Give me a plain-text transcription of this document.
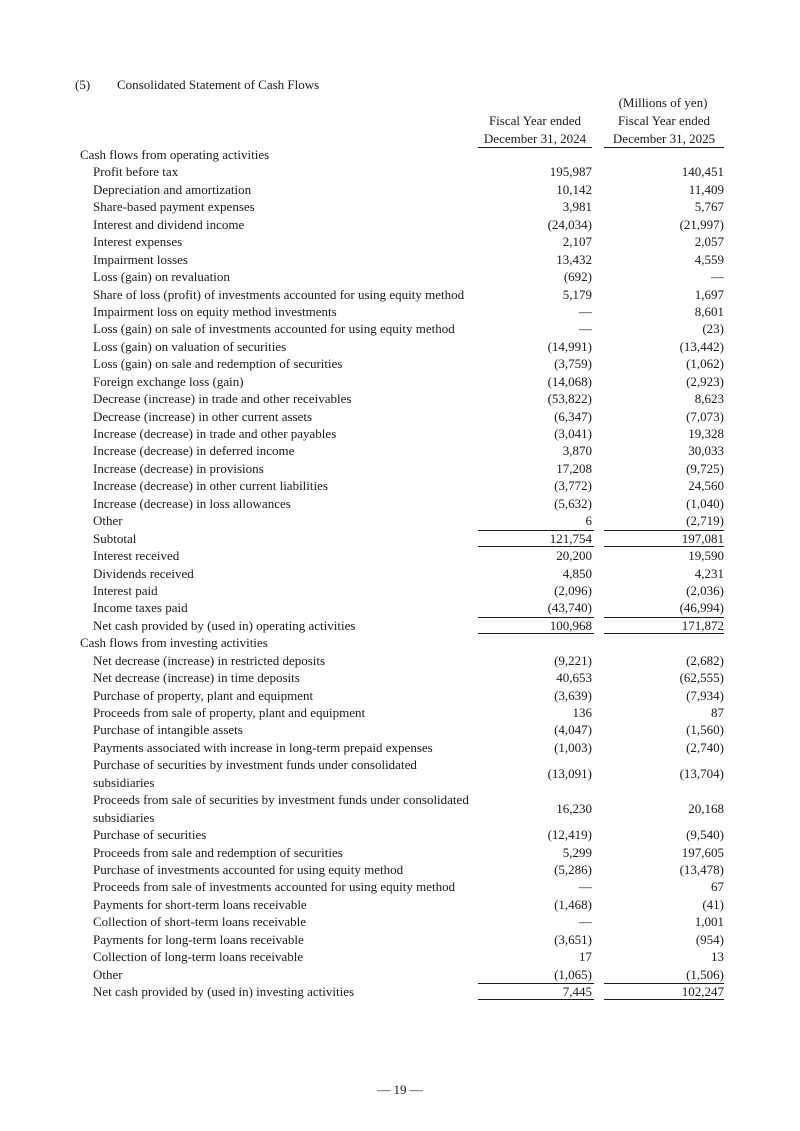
(5) Consolidated Statement of Cash Flows
(Millions of yen)
Fiscal Year ended
December 31, 2024
Fiscal Year ended
December 31, 2025
Cash flows from operating activities
Profit before tax	195,987	140,451
Depreciation and amortization	10,142	11,409
Share-based payment expenses	3,981	5,767
Interest and dividend income	(24,034)	(21,997)
Interest expenses	2,107	2,057
Impairment losses	13,432	4,559
Loss (gain) on revaluation	(692)	—
Share of loss (profit) of investments accounted for using equity method	5,179	1,697
Impairment loss on equity method investments	—	8,601
Loss (gain) on sale of investments accounted for using equity method	—	(23)
Loss (gain) on valuation of securities	(14,991)	(13,442)
Loss (gain) on sale and redemption of securities	(3,759)	(1,062)
Foreign exchange loss (gain)	(14,068)	(2,923)
Decrease (increase) in trade and other receivables	(53,822)	8,623
Decrease (increase) in other current assets	(6,347)	(7,073)
Increase (decrease) in trade and other payables	(3,041)	19,328
Increase (decrease) in deferred income	3,870	30,033
Increase (decrease) in provisions	17,208	(9,725)
Increase (decrease) in other current liabilities	(3,772)	24,560
Increase (decrease) in loss allowances	(5,632)	(1,040)
Other	6	(2,719)
Subtotal	121,754	197,081
Interest received	20,200	19,590
Dividends received	4,850	4,231
Interest paid	(2,096)	(2,036)
Income taxes paid	(43,740)	(46,994)
Net cash provided by (used in) operating activities	100,968	171,872
Cash flows from investing activities
Net decrease (increase) in restricted deposits	(9,221)	(2,682)
Net decrease (increase) in time deposits	40,653	(62,555)
Purchase of property, plant and equipment	(3,639)	(7,934)
Proceeds from sale of property, plant and equipment	136	87
Purchase of intangible assets	(4,047)	(1,560)
Payments associated with increase in long-term prepaid expenses	(1,003)	(2,740)
Purchase of securities by investment funds under consolidated subsidiaries
(13,091)	(13,704)
Proceeds from sale of securities by investment funds under consolidated subsidiaries
16,230	20,168
Purchase of securities	(12,419)	(9,540)
Proceeds from sale and redemption of securities	5,299	197,605
Purchase of investments accounted for using equity method	(5,286)	(13,478)
Proceeds from sale of investments accounted for using equity method	—	67
Payments for short-term loans receivable	(1,468)	(41)
Collection of short-term loans receivable	—	1,001
Payments for long-term loans receivable	(3,651)	(954)
Collection of long-term loans receivable	17	13
Other	(1,065)	(1,506)
Net cash provided by (used in) investing activities	7,445	102,247
— 19 —
